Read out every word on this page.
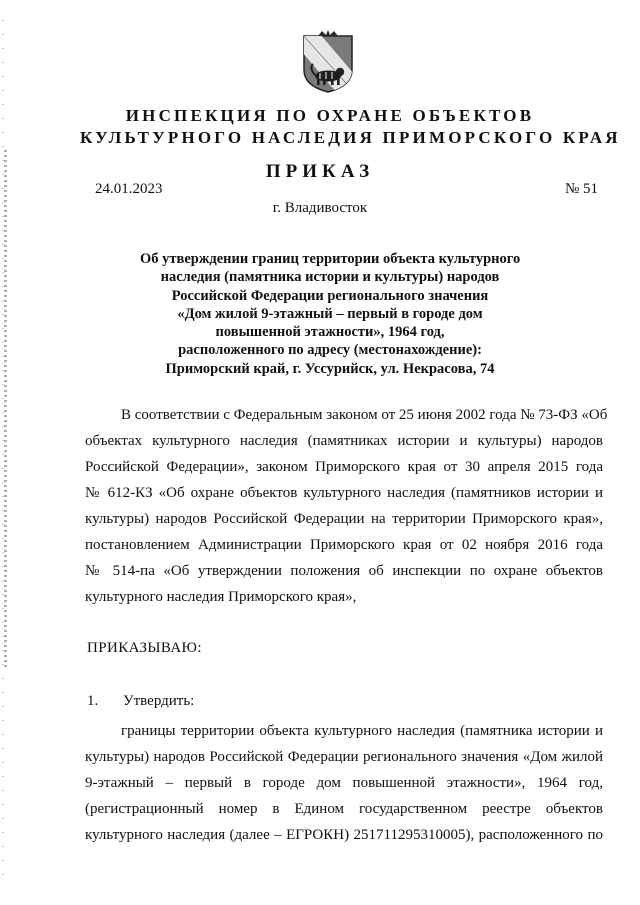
ИНСПЕКЦИЯ ПО ОХРАНЕ ОБЪЕКТОВ
КУЛЬТУРНОГО НАСЛЕДИЯ ПРИМОРСКОГО КРАЯ
ПРИКАЗ
24.01.2023	№ 51
г. Владивосток
Об утверждении границ территории объекта культурного
наследия (памятника истории и культуры) народов
Российской Федерации регионального значения
«Дом жилой 9-этажный – первый в городе дом
повышенной этажности», 1964 год,
расположенного по адресу (местонахождение):
Приморский край, г. Уссурийск, ул. Некрасова, 74
В соответствии с Федеральным законом от 25 июня 2002 года № 73-ФЗ «Об
объектах культурного наследия (памятниках истории и культуры) народов
Российской Федерации», законом Приморского края от 30 апреля 2015 года
№ 612-КЗ «Об охране объектов культурного наследия (памятников истории и
культуры) народов Российской Федерации на территории Приморского края»,
постановлением Администрации Приморского края от 02 ноября 2016 года
№ 514-па «Об утверждении положения об инспекции по охране объектов
культурного наследия Приморского края»,
ПРИКАЗЫВАЮ:
1. Утвердить:
границы территории объекта культурного наследия (памятника истории и
культуры) народов Российской Федерации регионального значения «Дом жилой
9-этажный – первый в городе дом повышенной этажности», 1964 год,
(регистрационный номер в Едином государственном реестре объектов
культурного наследия (далее – ЕГРОКН) 251711295310005), расположенного по
